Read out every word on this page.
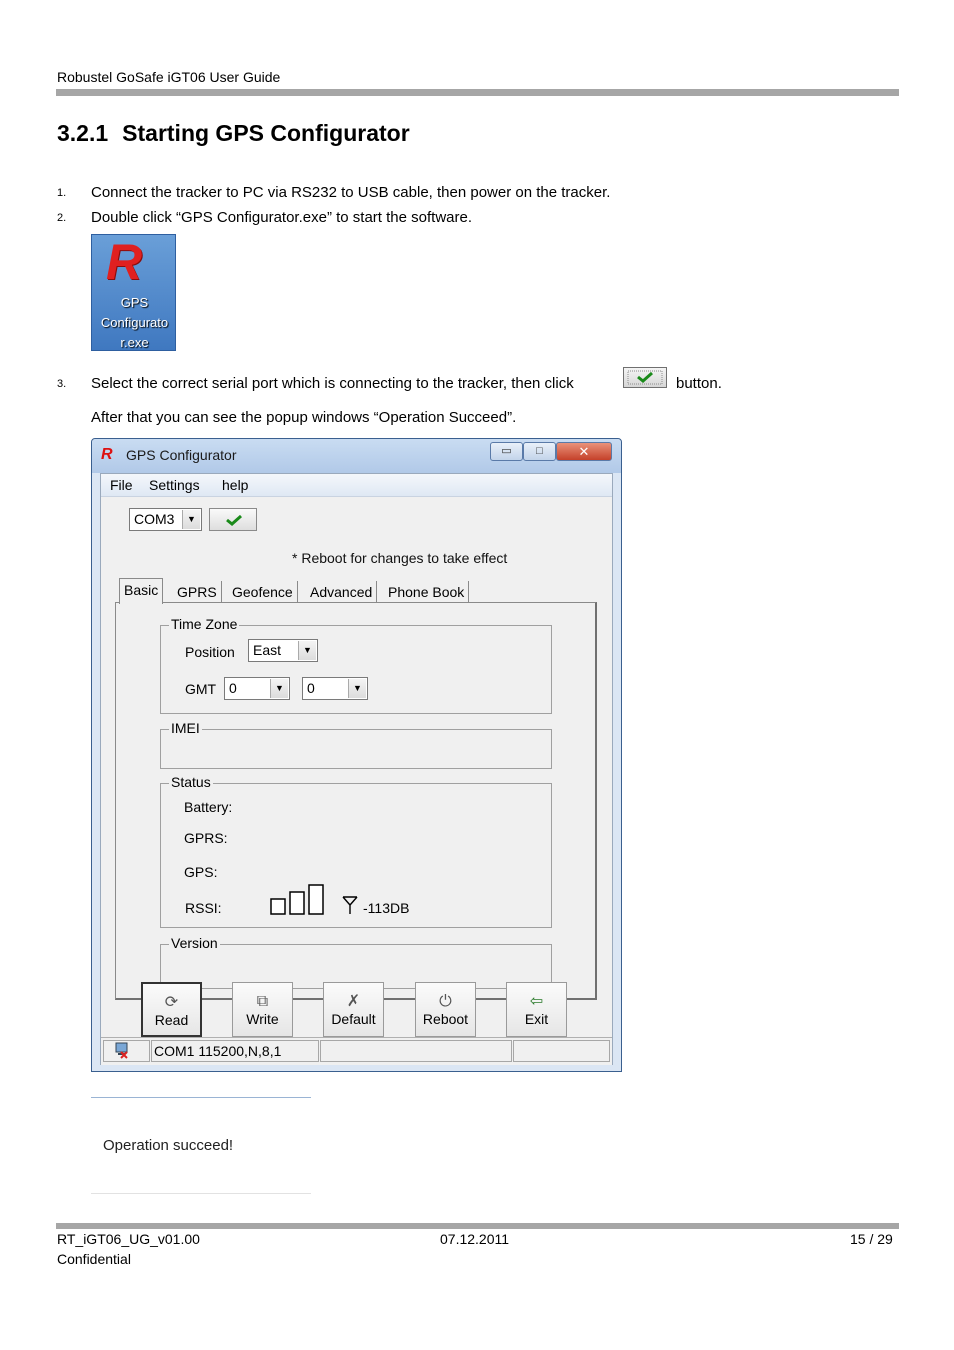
Robustel GoSafe iGT06 User Guide
3.2.1 Starting GPS Configurator
1. Connect the tracker to PC via RS232 to USB cable, then power on the tracker.
2. Double click “GPS Configurator.exe” to start the software.
R
GPS
Configurato
r.exe
3. Select the correct serial port which is connecting to the tracker, then click	button.
After that you can see the popup windows “Operation Succeed”.
R GPS Configurator	▭	□	✕
File Settings help
COM3	▼
* Reboot for changes to take effect
Basic	GPRS	Geofence	Advanced	Phone Book
Time Zone
Position	East	▼
GMT 0	▼	0	▼
IMEI
Status
Battery:
GPRS:
GPS:
RSSI:	-113DB
Version
⟳
Read
⧉
Write
✗
Default
⏻
Reboot
⇦
Exit
COM1 115200,N,8,1
Operation succeed!
RT_iGT06_UG_v01.00	07.12.2011	15 / 29
Confidential
